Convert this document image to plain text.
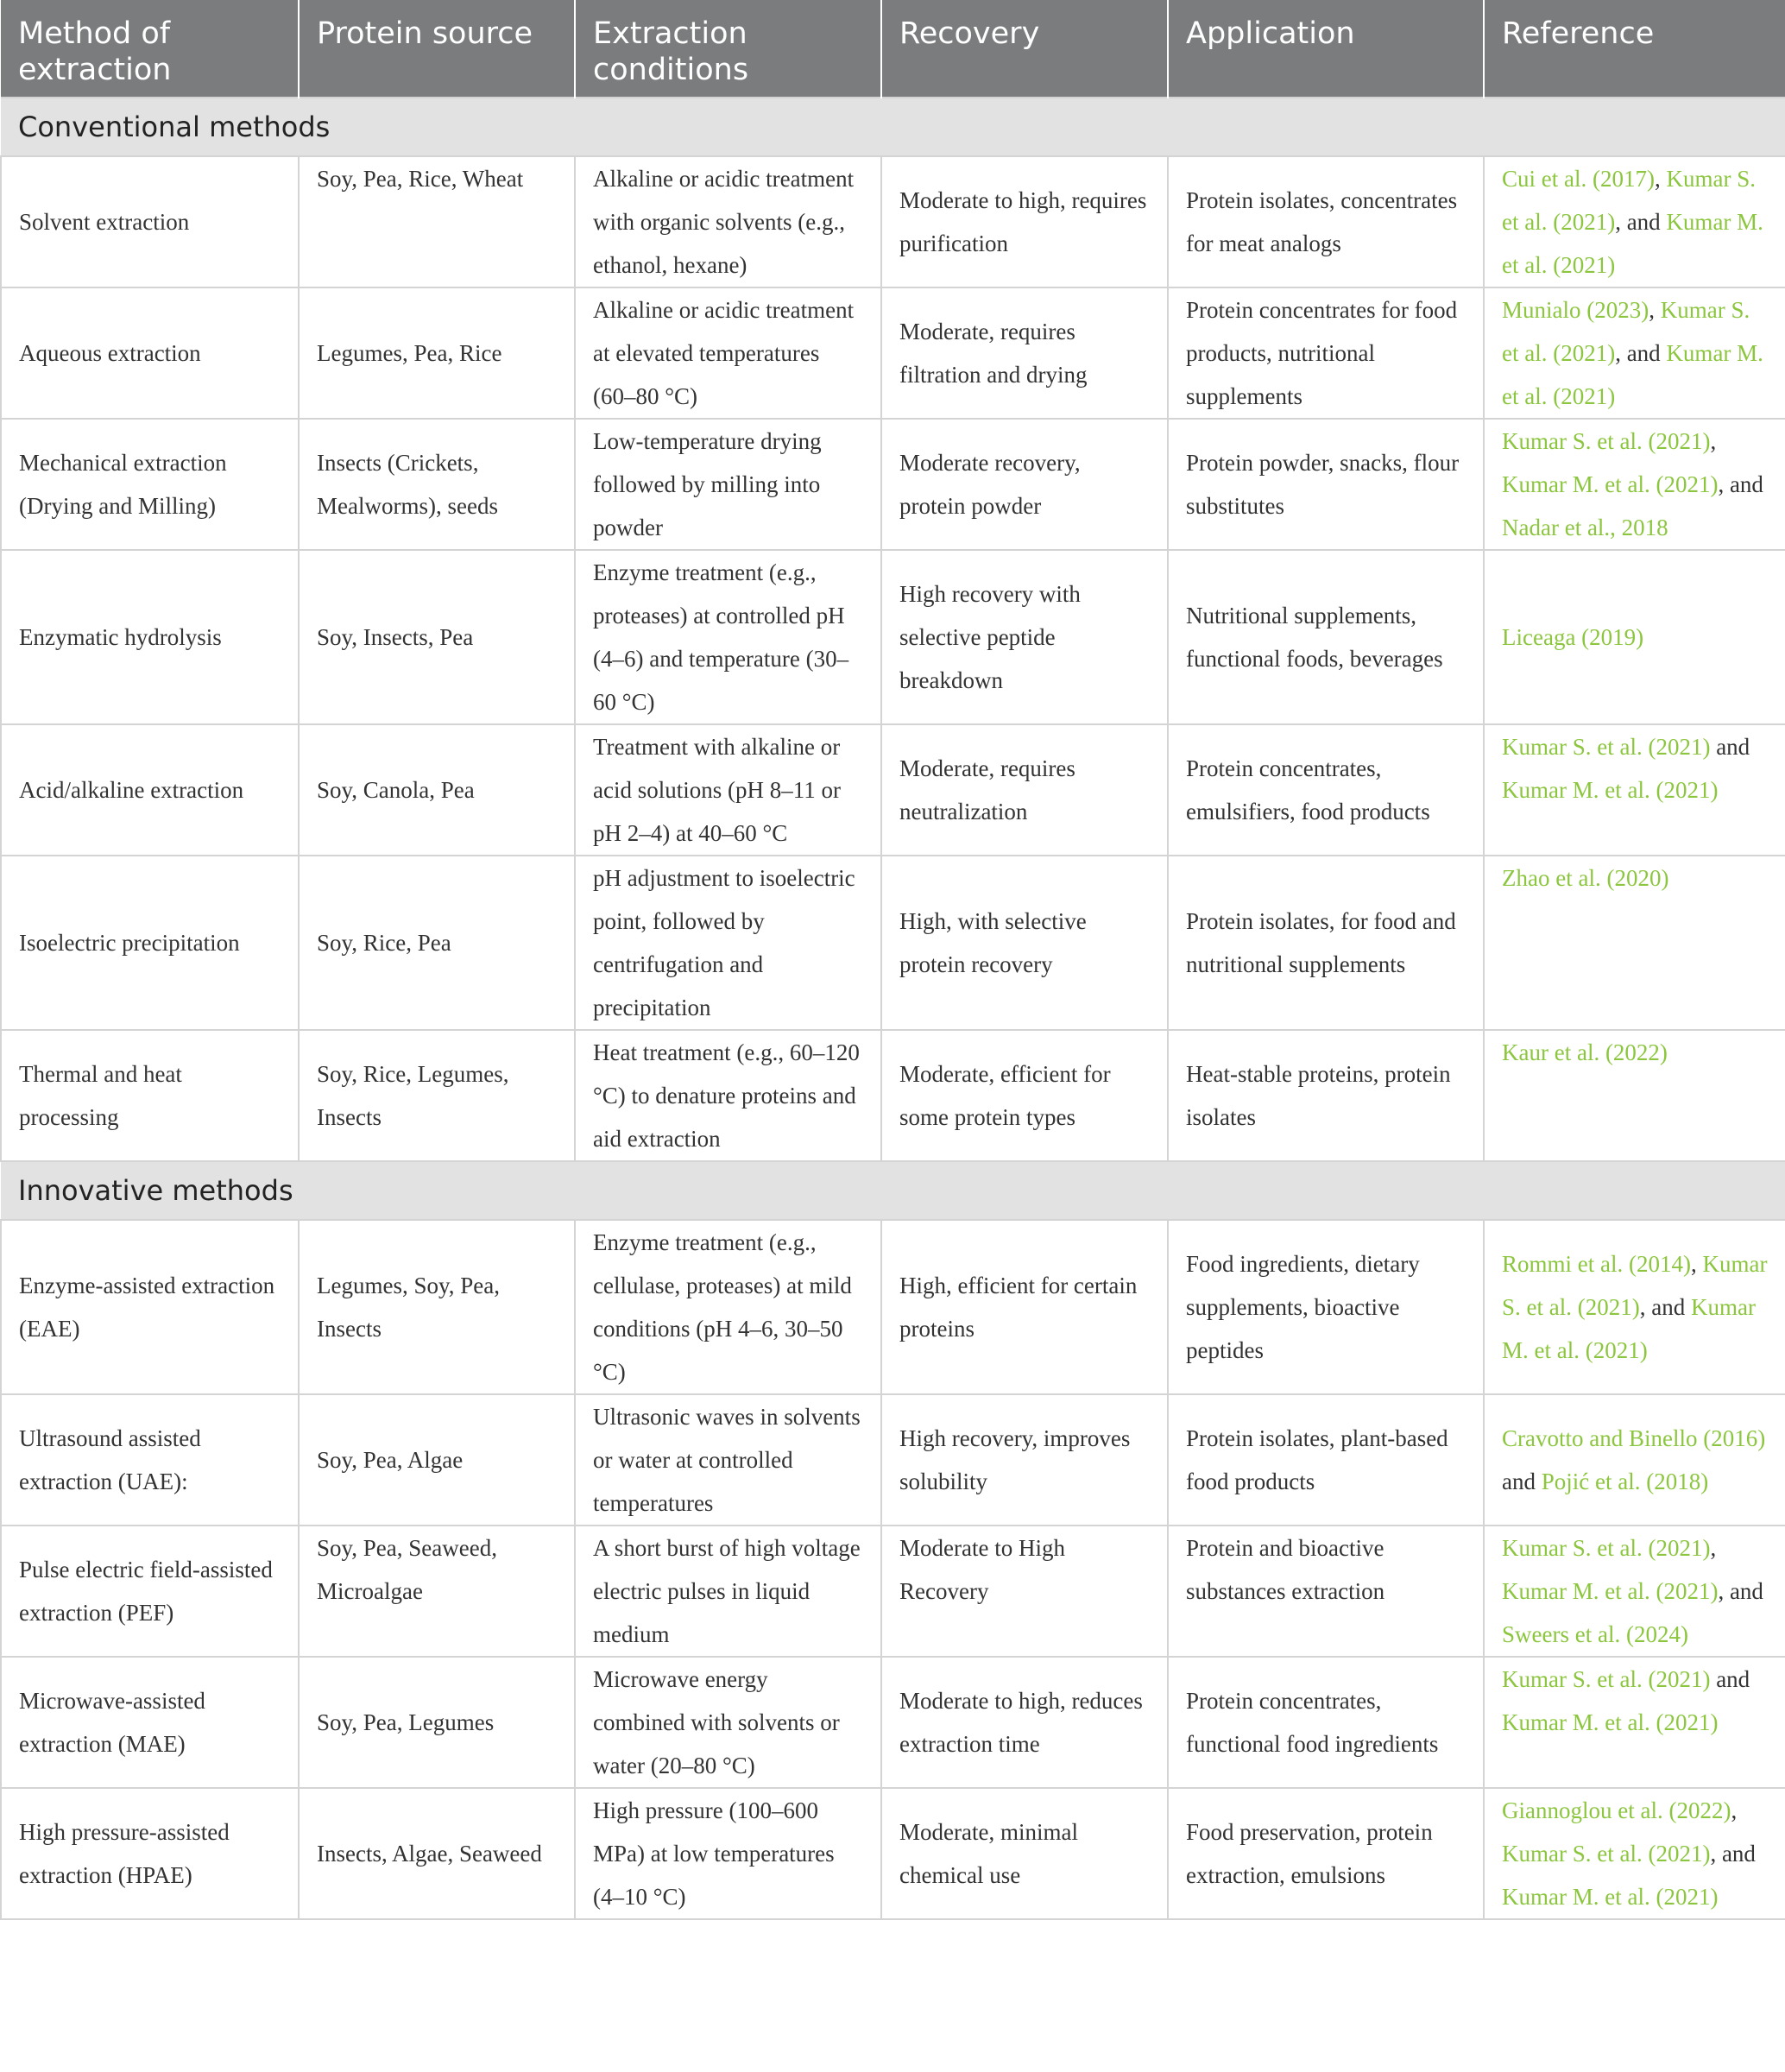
Method of extraction	Protein source	Extraction conditions	Recovery	Application	Reference
Conventional methods					
Solvent extraction	Soy, Pea, Rice, Wheat	Alkaline or acidic treatment with organic solvents (e.g., ethanol, hexane)	Moderate to high, requires purification	Protein isolates, concentrates for meat analogs	Cui et al. (2017), Kumar S. et al. (2021), and Kumar M. et al. (2021)
Aqueous extraction	Legumes, Pea, Rice	Alkaline or acidic treatment at elevated temperatures (60–80 °C)	Moderate, requires filtration and drying	Protein concentrates for food products, nutritional supplements	Munialo (2023), Kumar S. et al. (2021), and Kumar M. et al. (2021)
Mechanical extraction (Drying and Milling)	Insects (Crickets, Mealworms), seeds	Low-temperature drying followed by milling into powder	Moderate recovery, protein powder	Protein powder, snacks, flour substitutes	Kumar S. et al. (2021), Kumar M. et al. (2021), and Nadar et al., 2018
Enzymatic hydrolysis	Soy, Insects, Pea	Enzyme treatment (e.g., proteases) at controlled pH (4–6) and temperature (30–60 °C)	High recovery with selective peptide breakdown	Nutritional supplements, functional foods, beverages	Liceaga (2019)
Acid/alkaline extraction	Soy, Canola, Pea	Treatment with alkaline or acid solutions (pH 8–11 or pH 2–4) at 40–60 °C	Moderate, requires neutralization	Protein concentrates, emulsifiers, food products	Kumar S. et al. (2021) and Kumar M. et al. (2021)
Isoelectric precipitation	Soy, Rice, Pea	pH adjustment to isoelectric point, followed by centrifugation and precipitation	High, with selective protein recovery	Protein isolates, for food and nutritional supplements	Zhao et al. (2020)
Thermal and heat processing	Soy, Rice, Legumes, Insects	Heat treatment (e.g., 60–120 °C) to denature proteins and aid extraction	Moderate, efficient for some protein types	Heat-stable proteins, protein isolates	Kaur et al. (2022)
Innovative methods					
Enzyme-assisted extraction (EAE)	Legumes, Soy, Pea, Insects	Enzyme treatment (e.g., cellulase, proteases) at mild conditions (pH 4–6, 30–50 °C)	High, efficient for certain proteins	Food ingredients, dietary supplements, bioactive peptides	Rommi et al. (2014), Kumar S. et al. (2021), and Kumar M. et al. (2021)
Ultrasound assisted extraction (UAE):	Soy, Pea, Algae	Ultrasonic waves in solvents or water at controlled temperatures	High recovery, improves solubility	Protein isolates, plant-based food products	Cravotto and Binello (2016) and Pojić et al. (2018)
Pulse electric field-assisted extraction (PEF)	Soy, Pea, Seaweed, Microalgae	A short burst of high voltage electric pulses in liquid medium	Moderate to High Recovery	Protein and bioactive substances extraction	Kumar S. et al. (2021), Kumar M. et al. (2021), and Sweers et al. (2024)
Microwave-assisted extraction (MAE)	Soy, Pea, Legumes	Microwave energy combined with solvents or water (20–80 °C)	Moderate to high, reduces extraction time	Protein concentrates, functional food ingredients	Kumar S. et al. (2021) and Kumar M. et al. (2021)
High pressure-assisted extraction (HPAE)	Insects, Algae, Seaweed	High pressure (100–600 MPa) at low temperatures (4–10 °C)	Moderate, minimal chemical use	Food preservation, protein extraction, emulsions	Giannoglou et al. (2022), Kumar S. et al. (2021), and Kumar M. et al. (2021)
